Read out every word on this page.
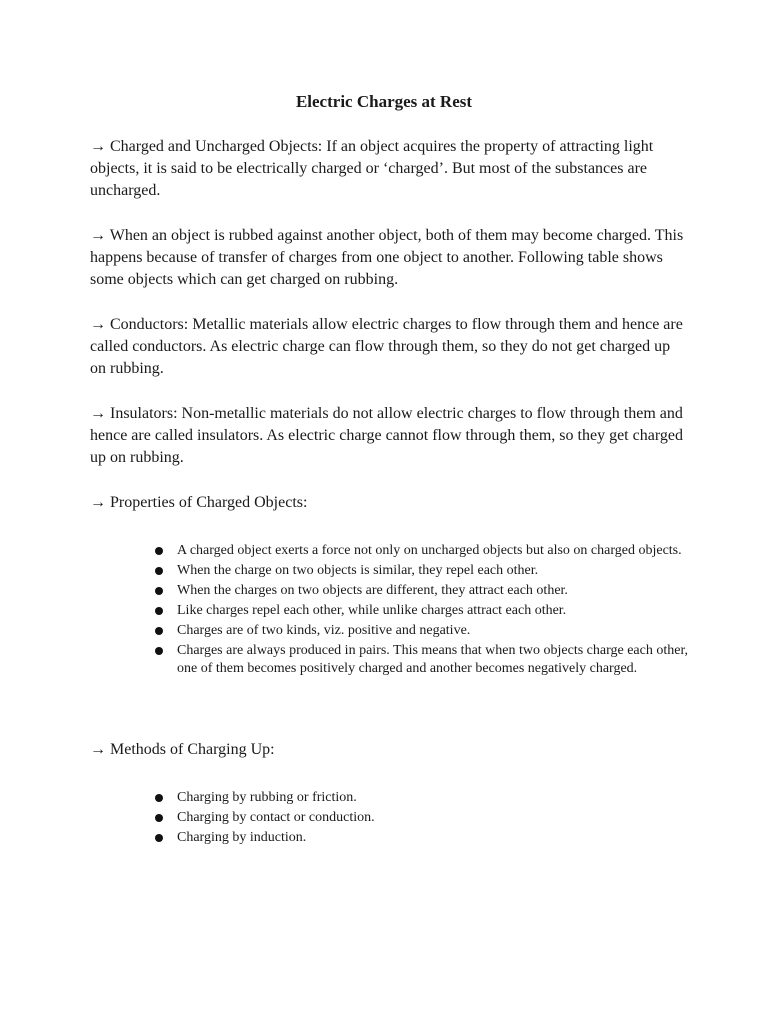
Electric Charges at Rest

→ Charged and Uncharged Objects: If an object acquires the property of attracting light objects, it is said to be electrically charged or ‘charged’. But most of the substances are uncharged.

→ When an object is rubbed against another object, both of them may become charged. This happens because of transfer of charges from one object to another. Following table shows some objects which can get charged on rubbing.

→ Conductors: Metallic materials allow electric charges to flow through them and hence are called conductors. As electric charge can flow through them, so they do not get charged up on rubbing.

→ Insulators: Non-metallic materials do not allow electric charges to flow through them and hence are called insulators. As electric charge cannot flow through them, so they get charged up on rubbing.

→ Properties of Charged Objects:

A charged object exerts a force not only on uncharged objects but also on charged objects.
When the charge on two objects is similar, they repel each other.
When the charges on two objects are different, they attract each other.
Like charges repel each other, while unlike charges attract each other.
Charges are of two kinds, viz. positive and negative.
Charges are always produced in pairs. This means that when two objects charge each other, one of them becomes positively charged and another becomes negatively charged.

→ Methods of Charging Up:

Charging by rubbing or friction.
Charging by contact or conduction.
Charging by induction.
